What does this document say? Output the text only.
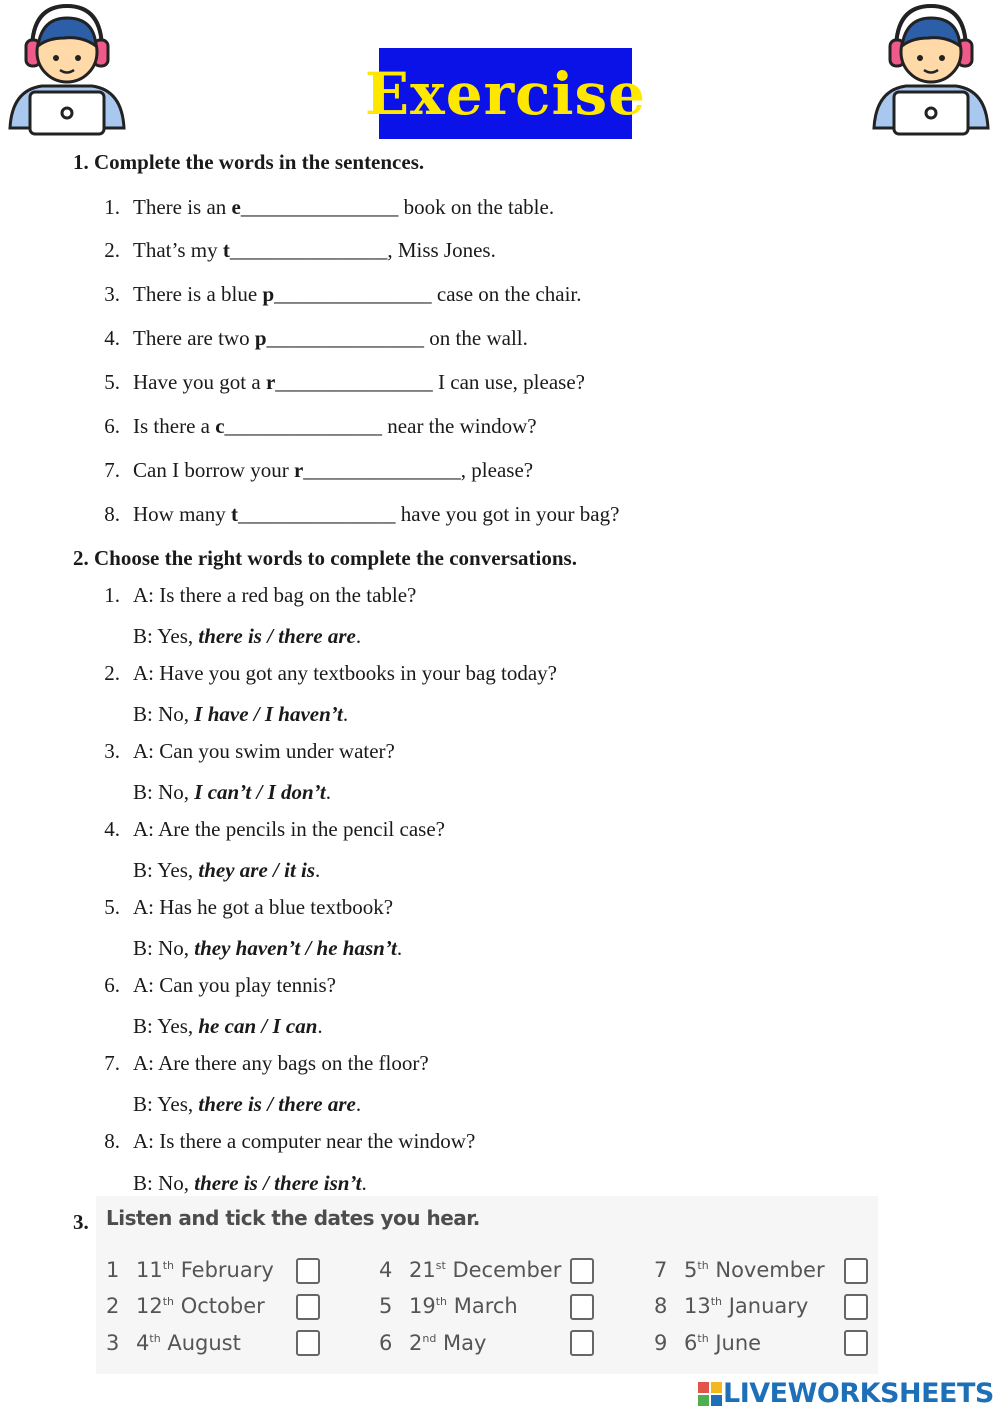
Exercise
1. Complete the words in the sentences.
1. There is an e_______________ book on the table.
2. That’s my t_______________, Miss Jones.
3. There is a blue p_______________ case on the chair.
4. There are two p_______________ on the wall.
5. Have you got a r_______________ I can use, please?
6. Is there a c_______________ near the window?
7. Can I borrow your r_______________, please?
8. How many t_______________ have you got in your bag?
2. Choose the right words to complete the conversations.
1. A: Is there a red bag on the table?
B: Yes, there is / there are.
2. A: Have you got any textbooks in your bag today?
B: No, I have / I haven’t.
3. A: Can you swim under water?
B: No, I can’t / I don’t.
4. A: Are the pencils in the pencil case?
B: Yes, they are / it is.
5. A: Has he got a blue textbook?
B: No, they haven’t / he hasn’t.
6. A: Can you play tennis?
B: Yes, he can / I can.
7. A: Are there any bags on the floor?
B: Yes, there is / there are.
8. A: Is there a computer near the window?
B: No, there is / there isn’t.
3. Listen and tick the dates you hear.
1 11th February
2 12th October
3 4th August
4 21st December
5 19th March
6 2nd May
7 5th November
8 13th January
9 6th June
LIVEWORKSHEETS
